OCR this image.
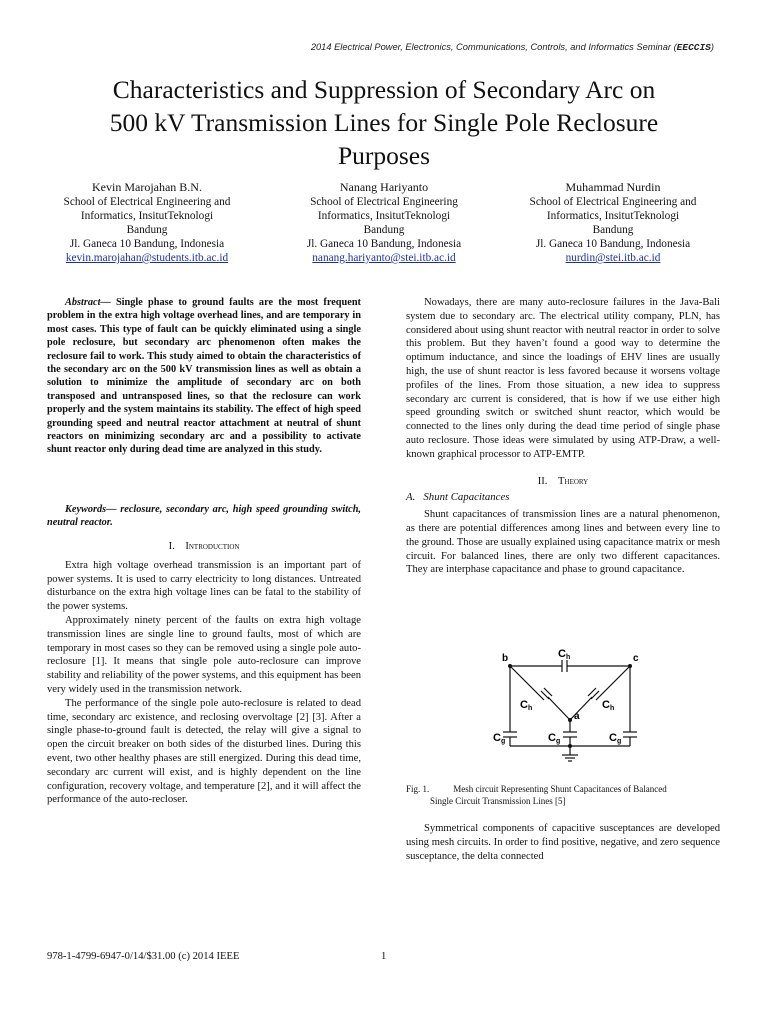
2014 Electrical Power, Electronics, Communications, Controls, and Informatics Seminar (EECCIS)
Characteristics and Suppression of Secondary Arc on
500 kV Transmission Lines for Single Pole Reclosure
Purposes
Kevin Marojahan B.N.
School of Electrical Engineering and
Informatics, InsitutTeknologi
Bandung
Jl. Ganeca 10 Bandung, Indonesia
kevin.marojahan@students.itb.ac.id
Nanang Hariyanto
School of Electrical Engineering
Informatics, InsitutTeknologi
Bandung
Jl. Ganeca 10 Bandung, Indonesia
nanang.hariyanto@stei.itb.ac.id
Muhammad Nurdin
School of Electrical Engineering and
Informatics, InsitutTeknologi
Bandung
Jl. Ganeca 10 Bandung, Indonesia
nurdin@stei.itb.ac.id

Abstract— Single phase to ground faults are the most frequent problem in the extra high voltage overhead lines, and are temporary in most cases. This type of fault can be quickly eliminated using a single pole reclosure, but secondary arc phenomenon often makes the reclosure fail to work. This study aimed to obtain the characteristics of the secondary arc on the 500 kV transmission lines as well as obtain a solution to minimize the amplitude of secondary arc on both transposed and untransposed lines, so that the reclosure can work properly and the system maintains its stability. The effect of high speed grounding speed and neutral reactor attachment at neutral of shunt reactors on minimizing secondary arc and a possibility to activate shunt reactor only during dead time are analyzed in this study.

Keywords— reclosure, secondary arc, high speed grounding switch, neutral reactor.

I. Introduction

Extra high voltage overhead transmission is an important part of power systems. It is used to carry electricity to long distances. Untreated disturbance on the extra high voltage lines can be fatal to the stability of the power systems.

Approximately ninety percent of the faults on extra high voltage transmission lines are single line to ground faults, most of which are temporary in most cases so they can be removed using a single pole auto-reclosure [1]. It means that single pole auto-reclosure can improve stability and reliability of the power systems, and this equipment has been very widely used in the transmission network.

The performance of the single pole auto-reclosure is related to dead time, secondary arc existence, and reclosing overvoltage [2] [3]. After a single phase-to-ground fault is detected, the relay will give a signal to open the circuit breaker on both sides of the disturbed lines. During this event, two other healthy phases are still energized. During this dead time, secondary arc current will exist, and is highly dependent on the line configuration, recovery voltage, and temperature [2], and it will affect the performance of the auto-recloser.

Nowadays, there are many auto-reclosure failures in the Java-Bali system due to secondary arc. The electrical utility company, PLN, has considered about using shunt reactor with neutral reactor in order to solve this problem. But they haven’t found a good way to determine the optimum inductance, and since the loadings of EHV lines are usually high, the use of shunt reactor is less favored because it worsens voltage profiles of the lines. From those situation, a new idea to suppress secondary arc current is considered, that is how if we use either high speed grounding switch or switched shunt reactor, which would be connected to the lines only during the dead time period of single phase auto reclosure. Those ideas were simulated by using ATP-Draw, a well-known graphical processor to ATP-EMTP.

II. Theory
A. Shunt Capacitances

Shunt capacitances of transmission lines are a natural phenomenon, as there are potential differences among lines and between every line to the ground. Those are usually explained using capacitance matrix or mesh circuit. For balanced lines, there are only two different capacitances. They are interphase capacitance and phase to ground capacitance.

b	c
a
C h
C h	C h
C g	C g	C g
Fig. 1.	Mesh circuit Representing Shunt Capacitances of Balanced
Single Circuit Transmission Lines [5]

Symmetrical components of capacitive susceptances are developed using mesh circuits. In order to find positive, negative, and zero sequence susceptance, the delta connected

978-1-4799-6947-0/14/$31.00 (c) 2014 IEEE	1
